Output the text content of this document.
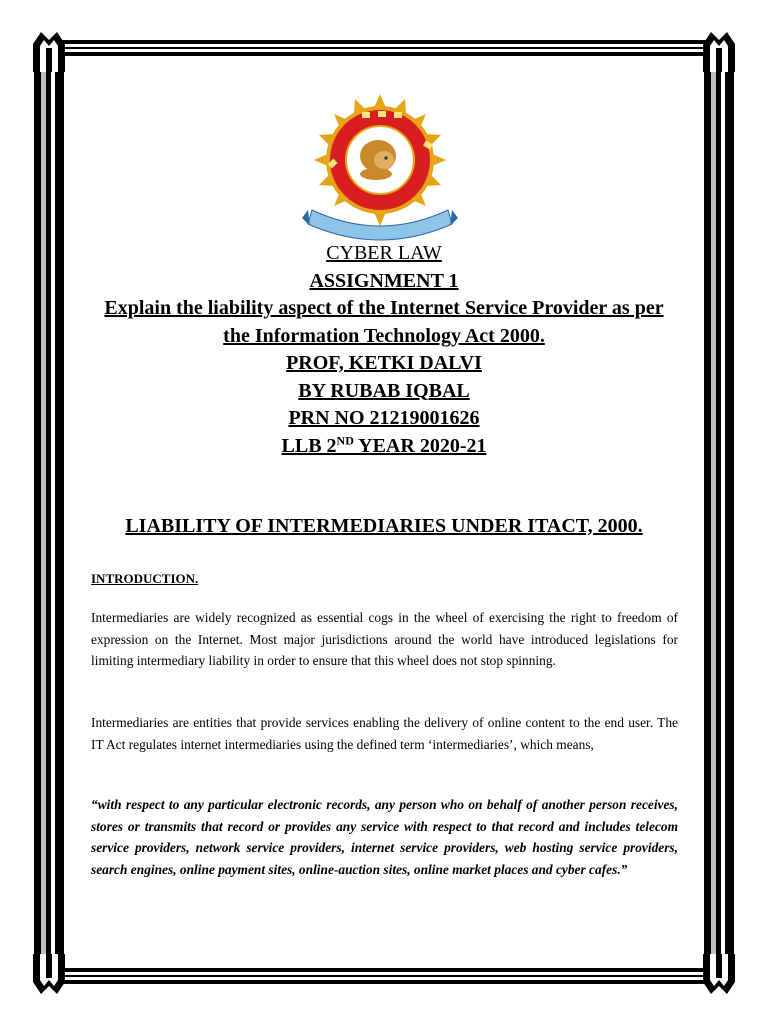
CYBER LAW
ASSIGNMENT 1
Explain the liability aspect of the Internet Service Provider as per
the Information Technology Act 2000.
PROF, KETKI DALVI
BY RUBAB IQBAL
PRN NO 21219001626
LLB 2ND YEAR 2020-21
LIABILITY OF INTERMEDIARIES UNDER ITACT, 2000.
INTRODUCTION.
Intermediaries are widely recognized as essential cogs in the wheel of exercising the right to freedom of expression on the Internet. Most major jurisdictions around the world have introduced legislations for limiting intermediary liability in order to ensure that this wheel does not stop spinning.
Intermediaries are entities that provide services enabling the delivery of online content to the end user. The IT Act regulates internet intermediaries using the defined term ‘intermediaries’, which means,
“with respect to any particular electronic records, any person who on behalf of another person receives, stores or transmits that record or provides any service with respect to that record and includes telecom service providers, network service providers, internet service providers, web hosting service providers, search engines, online payment sites, online-auction sites, online market places and cyber cafes.”
